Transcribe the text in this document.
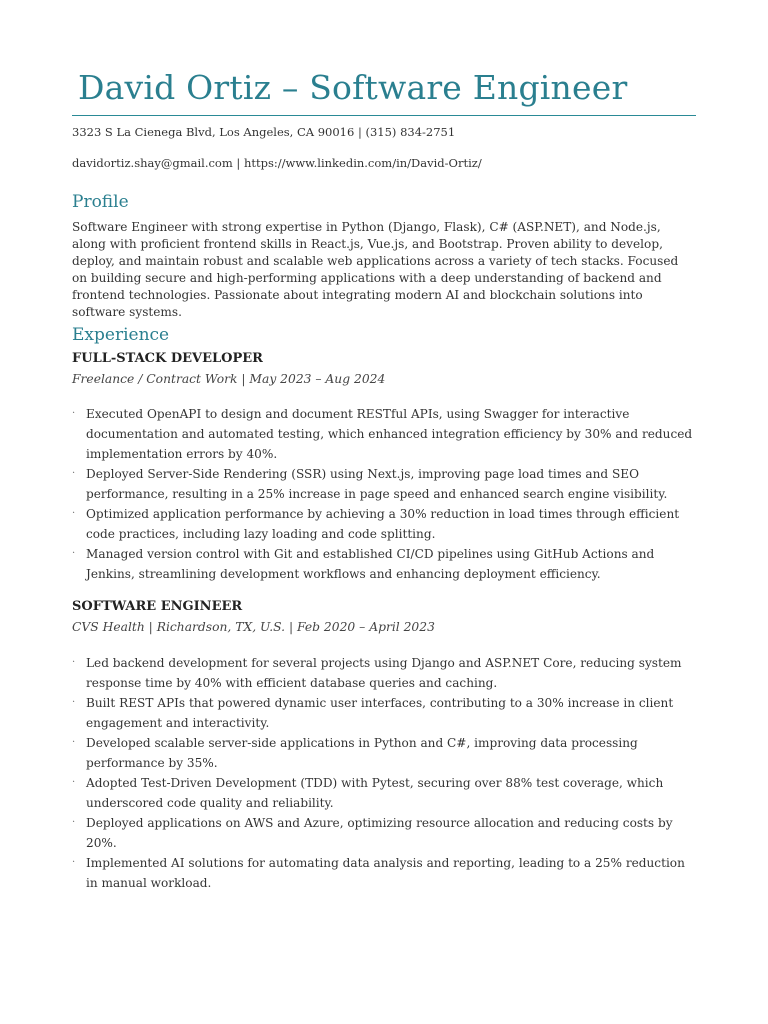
David Ortiz – Software Engineer
3323 S La Cienega Blvd, Los Angeles, CA 90016 | (315) 834-2751
davidortiz.shay@gmail.com | https://www.linkedin.com/in/David-Ortiz/
Profile
Software Engineer with strong expertise in Python (Django, Flask), C# (ASP.NET), and Node.js, along with proficient frontend skills in React.js, Vue.js, and Bootstrap. Proven ability to develop, deploy, and maintain robust and scalable web applications across a variety of tech stacks. Focused on building secure and high-performing applications with a deep understanding of backend and frontend technologies. Passionate about integrating modern AI and blockchain solutions into software systems.
Experience
FULL-STACK DEVELOPER
Freelance / Contract Work | May 2023 – Aug 2024
· Executed OpenAPI to design and document RESTful APIs, using Swagger for interactive documentation and automated testing, which enhanced integration efficiency by 30% and reduced implementation errors by 40%.
· Deployed Server-Side Rendering (SSR) using Next.js, improving page load times and SEO performance, resulting in a 25% increase in page speed and enhanced search engine visibility.
· Optimized application performance by achieving a 30% reduction in load times through efficient code practices, including lazy loading and code splitting.
· Managed version control with Git and established CI/CD pipelines using GitHub Actions and Jenkins, streamlining development workflows and enhancing deployment efficiency.
SOFTWARE ENGINEER
CVS Health | Richardson, TX, U.S. | Feb 2020 – April 2023
· Led backend development for several projects using Django and ASP.NET Core, reducing system response time by 40% with efficient database queries and caching.
· Built REST APIs that powered dynamic user interfaces, contributing to a 30% increase in client engagement and interactivity.
· Developed scalable server-side applications in Python and C#, improving data processing performance by 35%.
· Adopted Test-Driven Development (TDD) with Pytest, securing over 88% test coverage, which underscored code quality and reliability.
· Deployed applications on AWS and Azure, optimizing resource allocation and reducing costs by 20%.
· Implemented AI solutions for automating data analysis and reporting, leading to a 25% reduction in manual workload.
